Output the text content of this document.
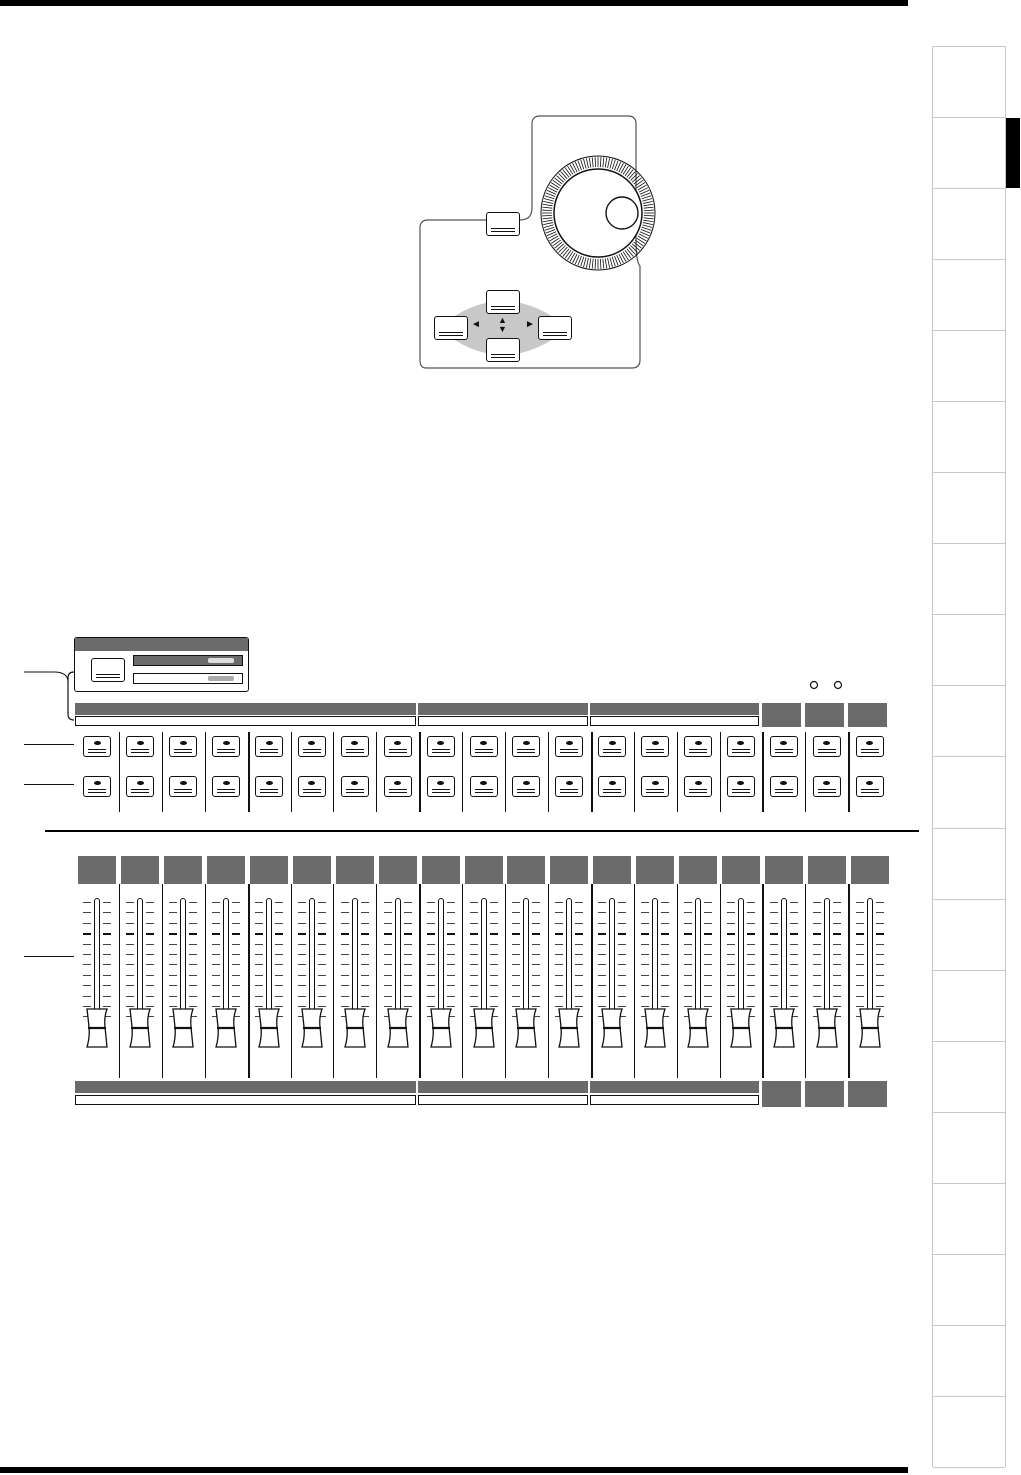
◄	►
▲
▼
